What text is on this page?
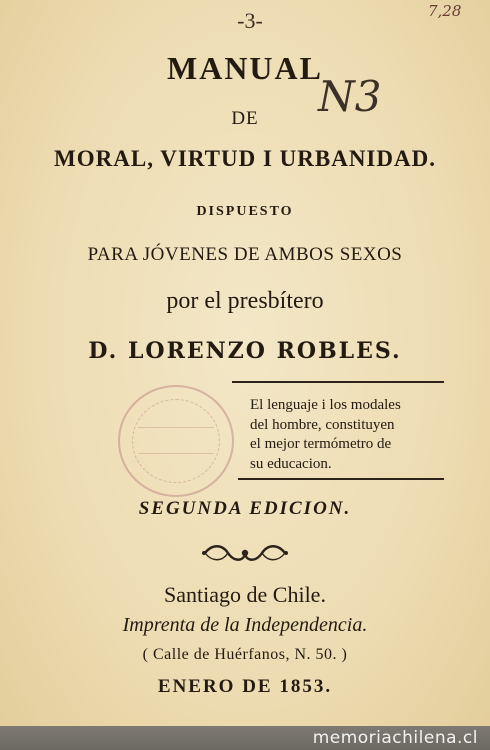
-3-	7,28
MANUAL
DE	N3
MORAL, VIRTUD I URBANIDAD.
DISPUESTO
PARA JÓVENES DE AMBOS SEXOS
por el presbítero
D. LORENZO ROBLES.
El lenguaje i los modales
del hombre, constituyen
el mejor termómetro de
su educacion.
SEGUNDA EDICION.
Santiago de Chile.
Imprenta de la Independencia.
( Calle de Huérfanos, N. 50. )
ENERO DE 1853.
memoriachilena.cl
